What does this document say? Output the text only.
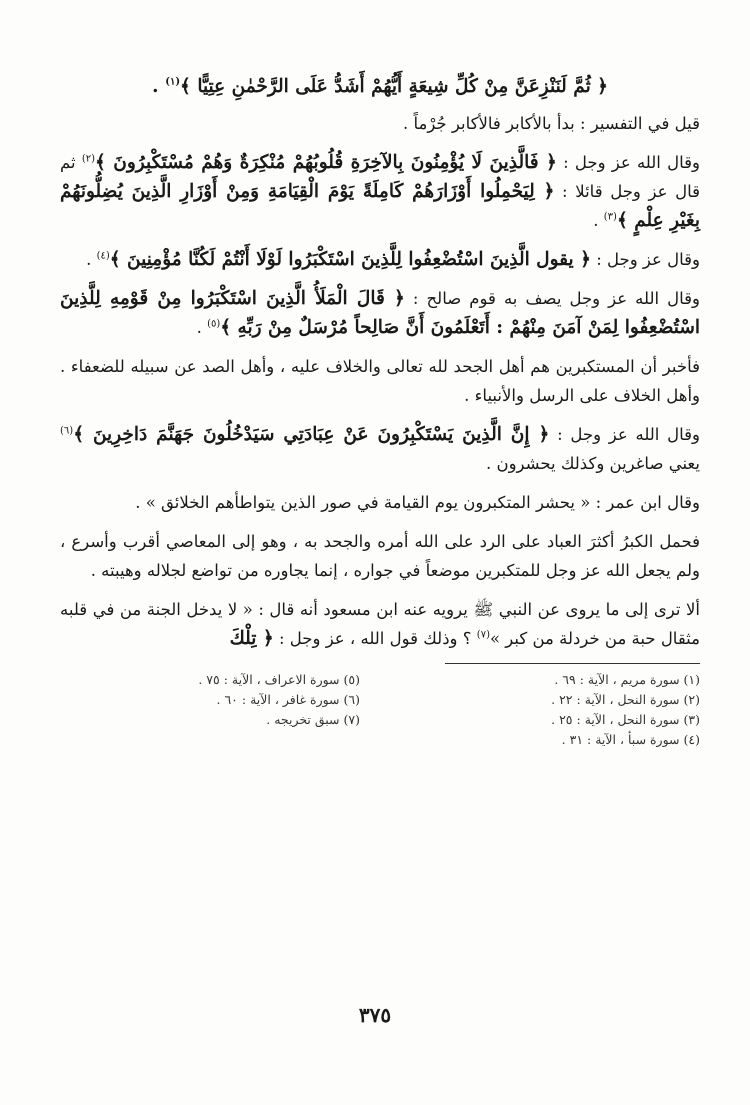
﴿ ثُمَّ لَنَنْزِعَنَّ مِنْ كُلِّ شِيعَةٍ أَيُّهُمْ أَشَدُّ عَلَى الرَّحْمٰنِ عِتِيًّا ﴾$^{(١)}$ .

قيل في التفسير : بدأ بالأكابر فالأكابر جُرْماً .

وقال الله عز وجل : ﴿ فَالَّذِينَ لَا يُؤْمِنُونَ بِالآخِرَةِ قُلُوبُهُمْ مُنْكِرَةٌ وَهُمْ مُسْتَكْبِرُونَ ﴾$^{(٢)}$ ثم قال عز وجل قائلا : ﴿ لِيَحْمِلُوا أَوْزَارَهُمْ كَامِلَةً يَوْمَ الْقِيَامَةِ وَمِنْ أَوْزَارِ الَّذِينَ يُضِلُّونَهُمْ بِغَيْرِ عِلْمٍ ﴾$^{(٣)}$ .

وقال عز وجل : ﴿ يقول الَّذِينَ اسْتُضْعِفُوا لِلَّذِينَ اسْتَكْبَرُوا لَوْلَا أَنْتُمْ لَكُنَّا مُؤْمِنِينَ ﴾$^{(٤)}$ .

وقال الله عز وجل يصف به قوم صالح : ﴿ قَالَ الْمَلَأُ الَّذِينَ اسْتَكْبَرُوا مِنْ قَوْمِهِ لِلَّذِينَ اسْتُضْعِفُوا لِمَنْ آمَنَ مِنْهُمْ : أَتَعْلَمُونَ أَنَّ صَالِحاً مُرْسَلٌ مِنْ رَبِّهِ ﴾$^{(٥)}$ .

فأخبر أن المستكبرين هم أهل الجحد لله تعالى والخلاف عليه ، وأهل الصد عن سبيله للضعفاء . وأهل الخلاف على الرسل والأنبياء .

وقال الله عز وجل : ﴿ إِنَّ الَّذِينَ يَسْتَكْبِرُونَ عَنْ عِبَادَتِي سَيَدْخُلُونَ جَهَنَّمَ دَاخِرِينَ ﴾$^{(٦)}$ يعني صاغرين وكذلك يحشرون .

وقال ابن عمر : « يحشر المتكبرون يوم القيامة في صور الذين يتواطأهم الخلائق » .

فحمل الكبرُ أكثرَ العباد على الرد على الله أمره والجحد به ، وهو إلى المعاصي أقرب وأسرع ، ولم يجعل الله عز وجل للمتكبرين موضعاً في جواره ، إنما يجاوره من تواضع لجلاله وهيبته .

ألا ترى إلى ما يروى عن النبي ﷺ يرويه عنه ابن مسعود أنه قال : « لا يدخل الجنة من في قلبه مثقال حبة من خردلة من كبر »$^{(٧)}$ ؟ وذلك قول الله ، عز وجل : ﴿ تِلْكَ

(١) سورة مريم ، الآية : ٦٩ .
(٥) سورة الاعراف ، الآية : ٧٥ .
(٢) سورة النحل ، الآية : ٢٢ .
(٦) سورة غافر ، الآية : ٦٠ .
(٣) سورة النحل ، الآية : ٢٥ .
(٧) سبق تخريجه .
(٤) سورة سبأ ، الآية : ٣١ .
٣٧٥
